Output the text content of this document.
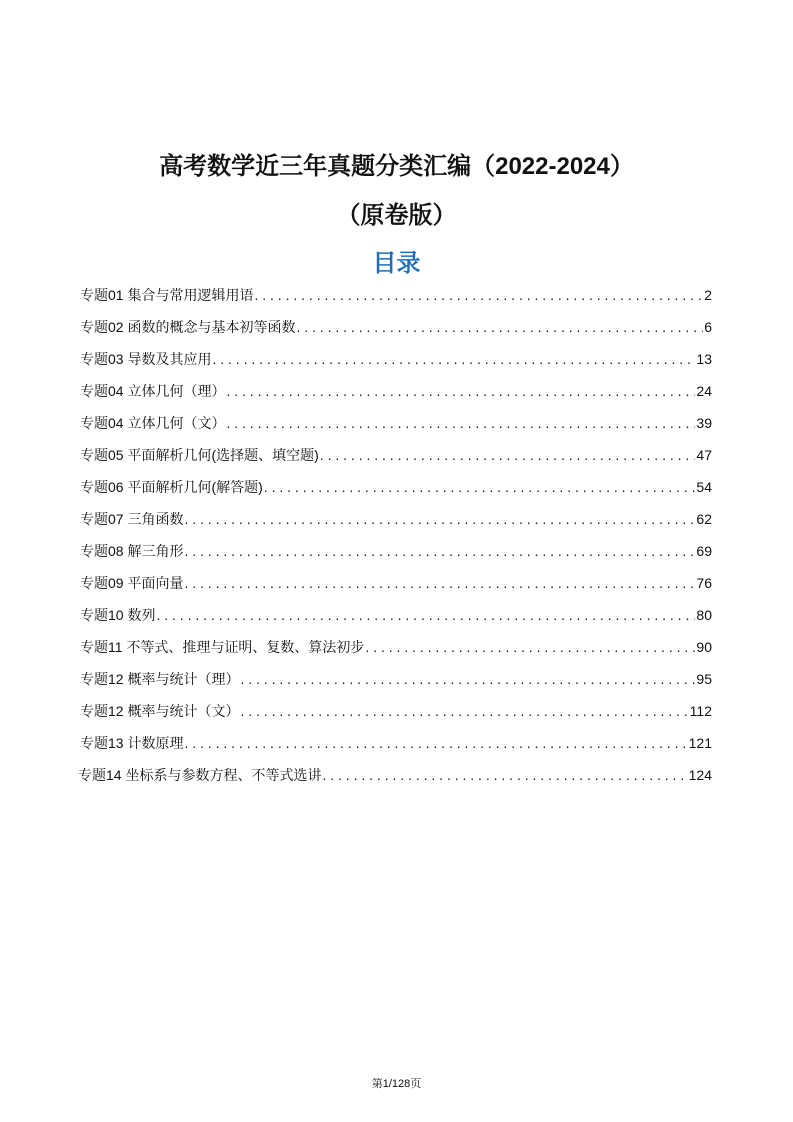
高考数学近三年真题分类汇编（2022-2024）
（原卷版）
目录
专题01 集合与常用逻辑用语 . . .	2
专题02 函数的概念与基本初等函数 . . .	6
专题03 导数及其应用 . . .	13
专题04 立体几何（理） . . .	24
专题04 立体几何（文） . . .	39
专题05 平面解析几何(选择题、填空题) . . .	47
专题06 平面解析几何(解答题) . . .	54
专题07 三角函数 . . .	62
专题08 解三角形 . . .	69
专题09 平面向量 . . .	76
专题10 数列 . . .	80
专题11 不等式、推理与证明、复数、算法初步 . . .	90
专题12 概率与统计（理） . . .	95
专题12 概率与统计（文） . . .	112
专题13 计数原理 . . .	121
专题14 坐标系与参数方程、不等式选讲 . . .	124
第1/128页
